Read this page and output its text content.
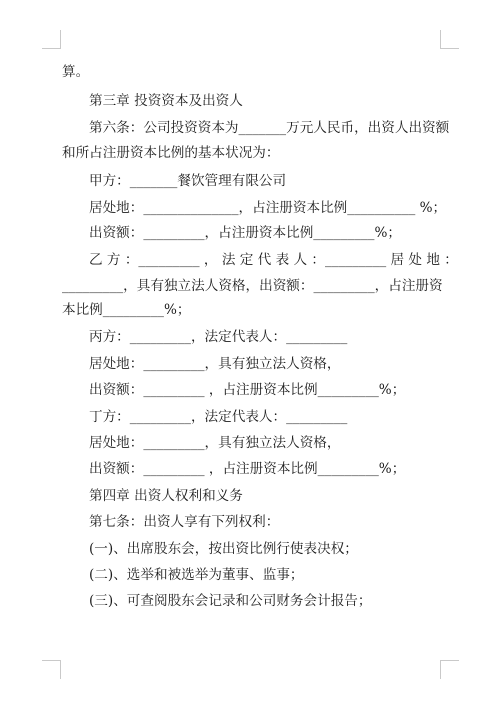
算。
第三章 投资资本及出资人
第六条：公司投资资本为_______万元人民币，出资人出资额
和所占注册资本比例的基本状况为：
甲方：_______餐饮管理有限公司
居处地：______________，占注册资本比例__________ %；
出资额：_________，占注册资本比例_________%；
乙 方 ：_________ ， 法 定 代 表 人 ：_________ 居 处 地 ：
_________，具有独立法人资格，出资额：_________，占注册资
本比例_________%；
丙方：_________，法定代表人：_________
居处地：_________，具有独立法人资格，
出资额：_________ ，占注册资本比例_________%；
丁方：_________，法定代表人：_________
居处地：_________，具有独立法人资格，
出资额：_________ ，占注册资本比例_________%；
第四章 出资人权利和义务
第七条：出资人享有下列权利：
(一)、出席股东会，按出资比例行使表决权；
(二)、选举和被选举为董事、监事；
(三)、可查阅股东会记录和公司财务会计报告；
